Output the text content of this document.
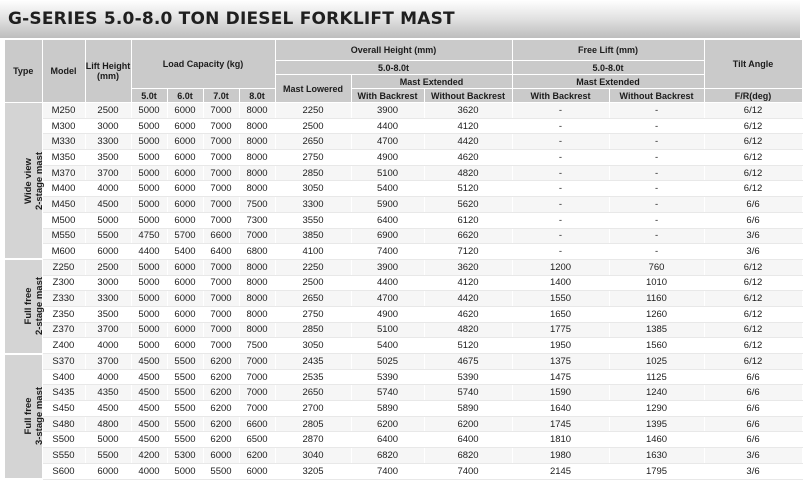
G-SERIES 5.0-8.0 TON DIESEL FORKLIFT MAST
Type	Model	Lift Height (mm)	Load Capacity (kg)				Overall Height (mm)			Free Lift (mm)		Tilt Angle
							5.0-8.0t			5.0-8.0t		
							Mast Lowered	Mast Extended		Mast Extended		
			5.0t	6.0t	7.0t	8.0t		With Backrest	Without Backrest	With Backrest	Without Backrest	F/R(deg)

Wide view 2-stage mast	M250	2500	5000	6000	7000	8000	2250	3900	3620	-	-	6/12
	M300	3000	5000	6000	7000	8000	2500	4400	4120	-	-	6/12
	M330	3300	5000	6000	7000	8000	2650	4700	4420	-	-	6/12
	M350	3500	5000	6000	7000	8000	2750	4900	4620	-	-	6/12
	M370	3700	5000	6000	7000	8000	2850	5100	4820	-	-	6/12
	M400	4000	5000	6000	7000	8000	3050	5400	5120	-	-	6/12
	M450	4500	5000	6000	7000	7500	3300	5900	5620	-	-	6/6
	M500	5000	5000	6000	7000	7300	3550	6400	6120	-	-	6/6
	M550	5500	4750	5700	6600	7000	3850	6900	6620	-	-	3/6
	M600	6000	4400	5400	6400	6800	4100	7400	7120	-	-	3/6

Full free 2-stage mast	Z250	2500	5000	6000	7000	8000	2250	3900	3620	1200	760	6/12
	Z300	3000	5000	6000	7000	8000	2500	4400	4120	1400	1010	6/12
	Z330	3300	5000	6000	7000	8000	2650	4700	4420	1550	1160	6/12
	Z350	3500	5000	6000	7000	8000	2750	4900	4620	1650	1260	6/12
	Z370	3700	5000	6000	7000	8000	2850	5100	4820	1775	1385	6/12
	Z400	4000	5000	6000	7000	7500	3050	5400	5120	1950	1560	6/12

Full free 3-stage mast	S370	3700	4500	5500	6200	7000	2435	5025	4675	1375	1025	6/12
	S400	4000	4500	5500	6200	7000	2535	5390	5390	1475	1125	6/6
	S435	4350	4500	5500	6200	7000	2650	5740	5740	1590	1240	6/6
	S450	4500	4500	5500	6200	7000	2700	5890	5890	1640	1290	6/6
	S480	4800	4500	5500	6200	6600	2805	6200	6200	1745	1395	6/6
	S500	5000	4500	5500	6200	6500	2870	6400	6400	1810	1460	6/6
	S550	5500	4200	5300	6000	6200	3040	6820	6820	1980	1630	3/6
	S600	6000	4000	5000	5500	6000	3205	7400	7400	2145	1795	3/6
